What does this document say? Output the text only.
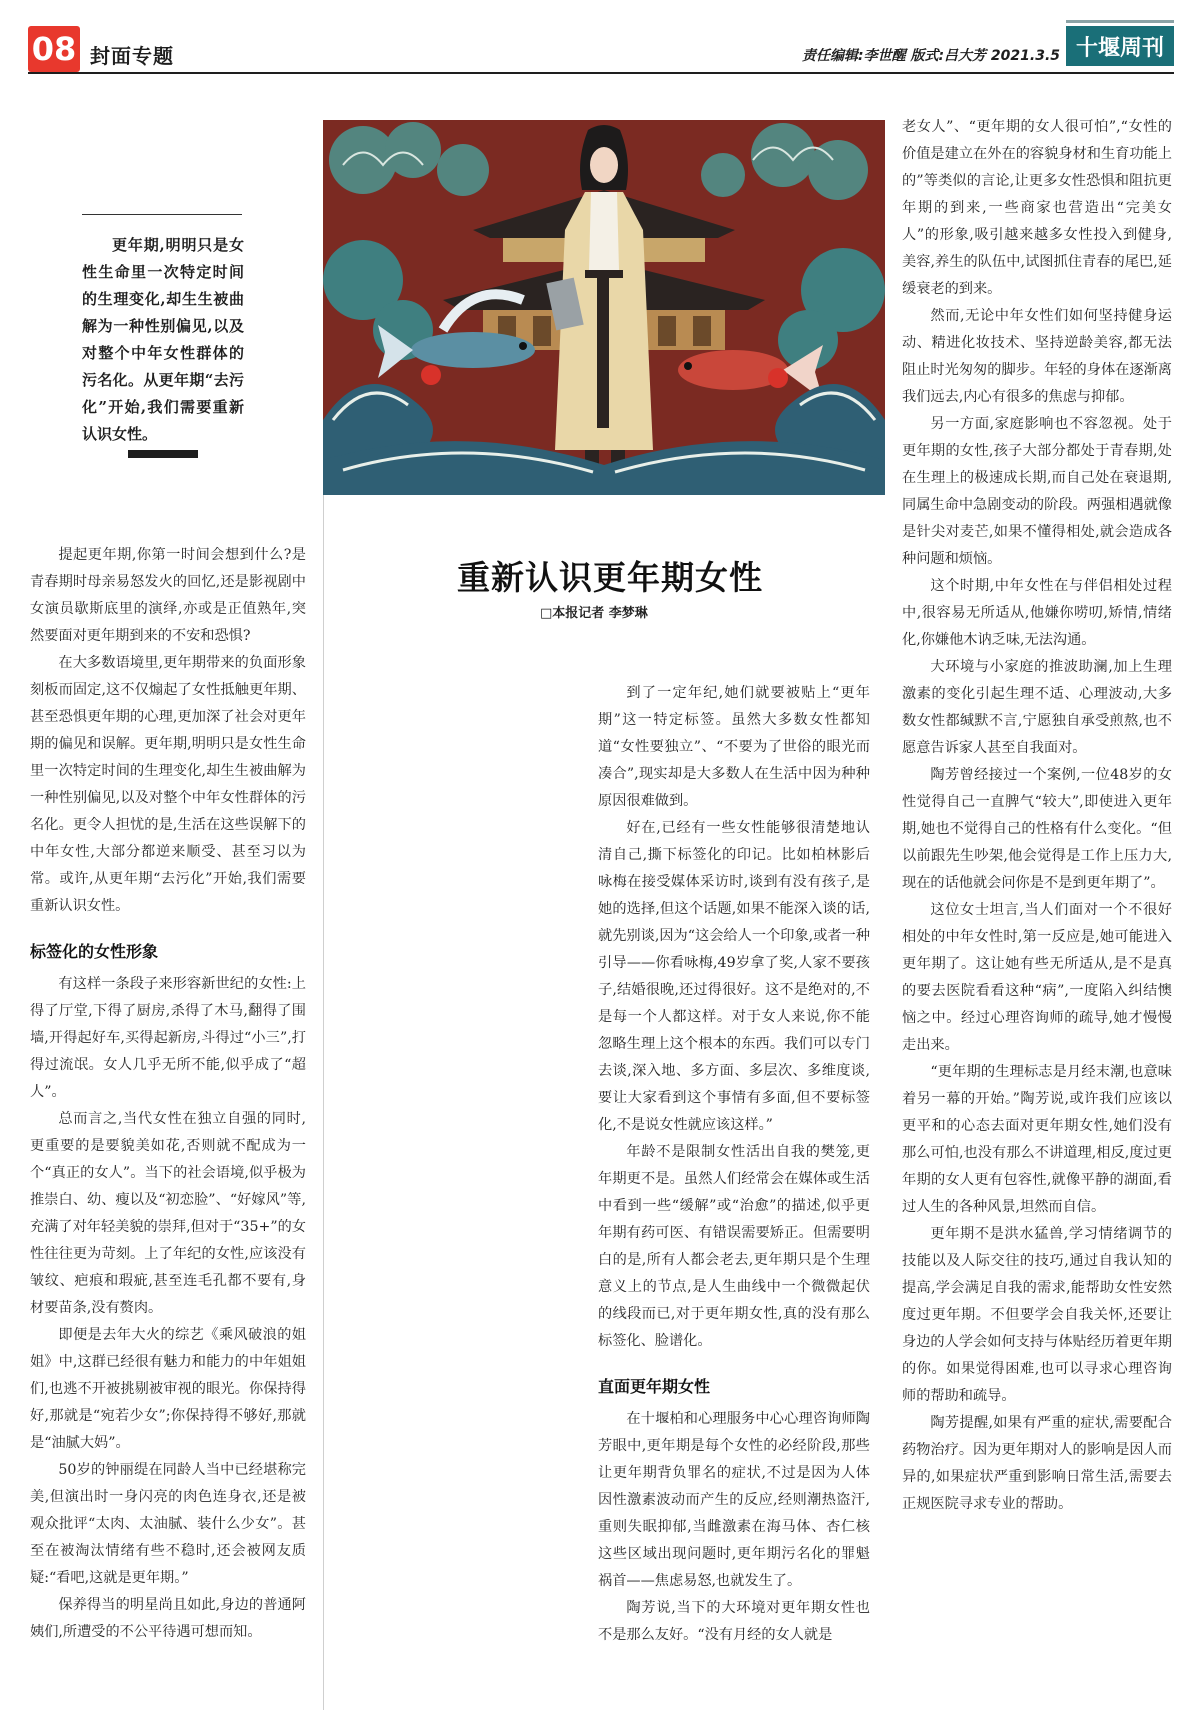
08 封面专题	责任编辑:李世醒 版式:吕大芳 2021.3.5 十堰周刊
更年期,明明只是女性生命里一次特定时间的生理变化,却生生被曲解为一种性别偏见,以及对整个中年女性群体的污名化。从更年期“去污化”开始,我们需要重新认识女性。
重新认识更年期女性
□本报记者 李梦琳

提起更年期,你第一时间会想到什么?是青春期时母亲易怒发火的回忆,还是影视剧中女演员歇斯底里的演绎,亦或是正值熟年,突然要面对更年期到来的不安和恐惧?

在大多数语境里,更年期带来的负面形象刻板而固定,这不仅煽起了女性抵触更年期、甚至恐惧更年期的心理,更加深了社会对更年期的偏见和误解。更年期,明明只是女性生命里一次特定时间的生理变化,却生生被曲解为一种性别偏见,以及对整个中年女性群体的污名化。更令人担忧的是,生活在这些误解下的中年女性,大部分都逆来顺受、甚至习以为常。或许,从更年期“去污化”开始,我们需要重新认识女性。

标签化的女性形象

有这样一条段子来形容新世纪的女性:上得了厅堂,下得了厨房,杀得了木马,翻得了围墙,开得起好车,买得起新房,斗得过“小三”,打得过流氓。女人几乎无所不能,似乎成了“超人”。

总而言之,当代女性在独立自强的同时,更重要的是要貌美如花,否则就不配成为一个“真正的女人”。当下的社会语境,似乎极为推崇白、幼、瘦以及“初恋脸”、“好嫁风”等,充满了对年轻美貌的崇拜,但对于“35+”的女性往往更为苛刻。上了年纪的女性,应该没有皱纹、疤痕和瑕疵,甚至连毛孔都不要有,身材要苗条,没有赘肉。

即便是去年大火的综艺《乘风破浪的姐姐》中,这群已经很有魅力和能力的中年姐姐们,也逃不开被挑剔被审视的眼光。你保持得好,那就是“宛若少女”;你保持得不够好,那就是“油腻大妈”。

50岁的钟丽缇在同龄人当中已经堪称完美,但演出时一身闪亮的肉色连身衣,还是被观众批评“太肉、太油腻、装什么少女”。甚至在被淘汰情绪有些不稳时,还会被网友质疑:“看吧,这就是更年期。”

保养得当的明星尚且如此,身边的普通阿姨们,所遭受的不公平待遇可想而知。

到了一定年纪,她们就要被贴上“更年期”这一特定标签。虽然大多数女性都知道“女性要独立”、“不要为了世俗的眼光而凑合”,现实却是大多数人在生活中因为种种原因很难做到。

好在,已经有一些女性能够很清楚地认清自己,撕下标签化的印记。比如柏林影后咏梅在接受媒体采访时,谈到有没有孩子,是她的选择,但这个话题,如果不能深入谈的话,就先别谈,因为“这会给人一个印象,或者一种引导——你看咏梅,49岁拿了奖,人家不要孩子,结婚很晚,还过得很好。这不是绝对的,不是每一个人都这样。对于女人来说,你不能忽略生理上这个根本的东西。我们可以专门去谈,深入地、多方面、多层次、多维度谈,要让大家看到这个事情有多面,但不要标签化,不是说女性就应该这样。”

年龄不是限制女性活出自我的樊笼,更年期更不是。虽然人们经常会在媒体或生活中看到一些“缓解”或“治愈”的描述,似乎更年期有药可医、有错误需要矫正。但需要明白的是,所有人都会老去,更年期只是个生理意义上的节点,是人生曲线中一个微微起伏的线段而已,对于更年期女性,真的没有那么标签化、脸谱化。

直面更年期女性

在十堰柏和心理服务中心心理咨询师陶芳眼中,更年期是每个女性的必经阶段,那些让更年期背负罪名的症状,不过是因为人体因性激素波动而产生的反应,经则潮热盗汗,重则失眠抑郁,当雌激素在海马体、杏仁核这些区域出现问题时,更年期污名化的罪魁祸首——焦虑易怒,也就发生了。

陶芳说,当下的大环境对更年期女性也不是那么友好。“没有月经的女人就是

老女人”、“更年期的女人很可怕”,“女性的价值是建立在外在的容貌身材和生育功能上的”等类似的言论,让更多女性恐惧和阻抗更年期的到来,一些商家也营造出“完美女人”的形象,吸引越来越多女性投入到健身,美容,养生的队伍中,试图抓住青春的尾巴,延缓衰老的到来。

然而,无论中年女性们如何坚持健身运动、精进化妆技术、坚持逆龄美容,都无法阻止时光匆匆的脚步。年轻的身体在逐渐离我们远去,内心有很多的焦虑与抑郁。

另一方面,家庭影响也不容忽视。处于更年期的女性,孩子大部分都处于青春期,处在生理上的极速成长期,而自己处在衰退期,同属生命中急剧变动的阶段。两强相遇就像是针尖对麦芒,如果不懂得相处,就会造成各种问题和烦恼。

这个时期,中年女性在与伴侣相处过程中,很容易无所适从,他嫌你唠叨,矫情,情绪化,你嫌他木讷乏味,无法沟通。

大环境与小家庭的推波助澜,加上生理激素的变化引起生理不适、心理波动,大多数女性都缄默不言,宁愿独自承受煎熬,也不愿意告诉家人甚至自我面对。

陶芳曾经接过一个案例,一位48岁的女性觉得自己一直脾气“较大”,即使进入更年期,她也不觉得自己的性格有什么变化。“但以前跟先生吵架,他会觉得是工作上压力大,现在的话他就会问你是不是到更年期了”。

这位女士坦言,当人们面对一个不很好相处的中年女性时,第一反应是,她可能进入更年期了。这让她有些无所适从,是不是真的要去医院看看这种“病”,一度陷入纠结懊恼之中。经过心理咨询师的疏导,她才慢慢走出来。

“更年期的生理标志是月经末潮,也意味着另一幕的开始。”陶芳说,或许我们应该以更平和的心态去面对更年期女性,她们没有那么可怕,也没有那么不讲道理,相反,度过更年期的女人更有包容性,就像平静的湖面,看过人生的各种风景,坦然而自信。

更年期不是洪水猛兽,学习情绪调节的技能以及人际交往的技巧,通过自我认知的提高,学会满足自我的需求,能帮助女性安然度过更年期。不但要学会自我关怀,还要让身边的人学会如何支持与体贴经历着更年期的你。如果觉得困难,也可以寻求心理咨询师的帮助和疏导。

陶芳提醒,如果有严重的症状,需要配合药物治疗。因为更年期对人的影响是因人而异的,如果症状严重到影响日常生活,需要去正规医院寻求专业的帮助。
